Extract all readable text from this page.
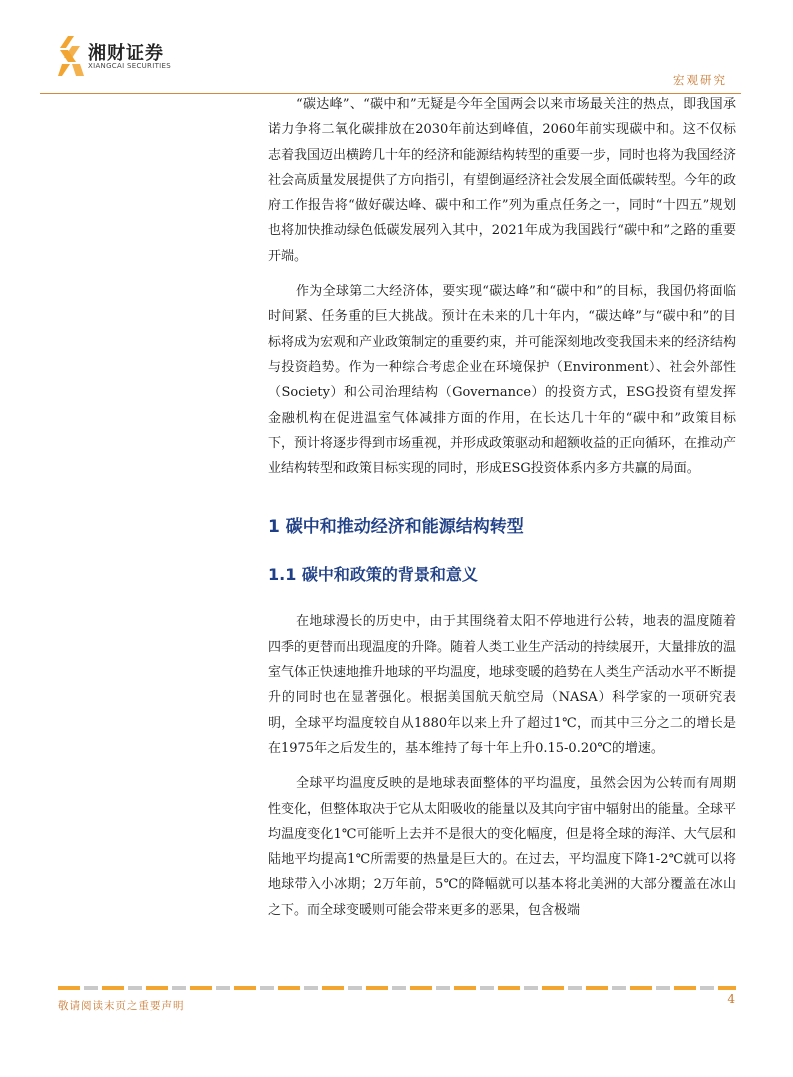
湘财证券
XIANGCAI SECURITIES
宏观研究

“碳达峰”、“碳中和”无疑是今年全国两会以来市场最关注的热点，即我国承诺力争将二氧化碳排放在2030年前达到峰值，2060年前实现碳中和。这不仅标志着我国迈出横跨几十年的经济和能源结构转型的重要一步，同时也将为我国经济社会高质量发展提供了方向指引，有望倒逼经济社会发展全面低碳转型。今年的政府工作报告将“做好碳达峰、碳中和工作”列为重点任务之一，同时“十四五”规划也将加快推动绿色低碳发展列入其中，2021年成为我国践行“碳中和”之路的重要开端。

作为全球第二大经济体，要实现“碳达峰”和“碳中和”的目标，我国仍将面临时间紧、任务重的巨大挑战。预计在未来的几十年内，“碳达峰”与“碳中和”的目标将成为宏观和产业政策制定的重要约束，并可能深刻地改变我国未来的经济结构与投资趋势。作为一种综合考虑企业在环境保护（Environment）、社会外部性（Society）和公司治理结构（Governance）的投资方式，ESG投资有望发挥金融机构在促进温室气体减排方面的作用，在长达几十年的“碳中和”政策目标下，预计将逐步得到市场重视，并形成政策驱动和超额收益的正向循环，在推动产业结构转型和政策目标实现的同时，形成ESG投资体系内多方共赢的局面。

1 碳中和推动经济和能源结构转型
1.1 碳中和政策的背景和意义

在地球漫长的历史中，由于其围绕着太阳不停地进行公转，地表的温度随着四季的更替而出现温度的升降。随着人类工业生产活动的持续展开，大量排放的温室气体正快速地推升地球的平均温度，地球变暖的趋势在人类生产活动水平不断提升的同时也在显著强化。根据美国航天航空局（NASA）科学家的一项研究表明，全球平均温度较自从1880年以来上升了超过1℃，而其中三分之二的增长是在1975年之后发生的，基本维持了每十年上升0.15-0.20℃的增速。

全球平均温度反映的是地球表面整体的平均温度，虽然会因为公转而有周期性变化，但整体取决于它从太阳吸收的能量以及其向宇宙中辐射出的能量。全球平均温度变化1℃可能听上去并不是很大的变化幅度，但是将全球的海洋、大气层和陆地平均提高1℃所需要的热量是巨大的。在过去，平均温度下降1-2℃就可以将地球带入小冰期；2万年前，5℃的降幅就可以基本将北美洲的大部分覆盖在冰山之下。而全球变暖则可能会带来更多的恶果，包含极端

敬请阅读末页之重要声明	4
